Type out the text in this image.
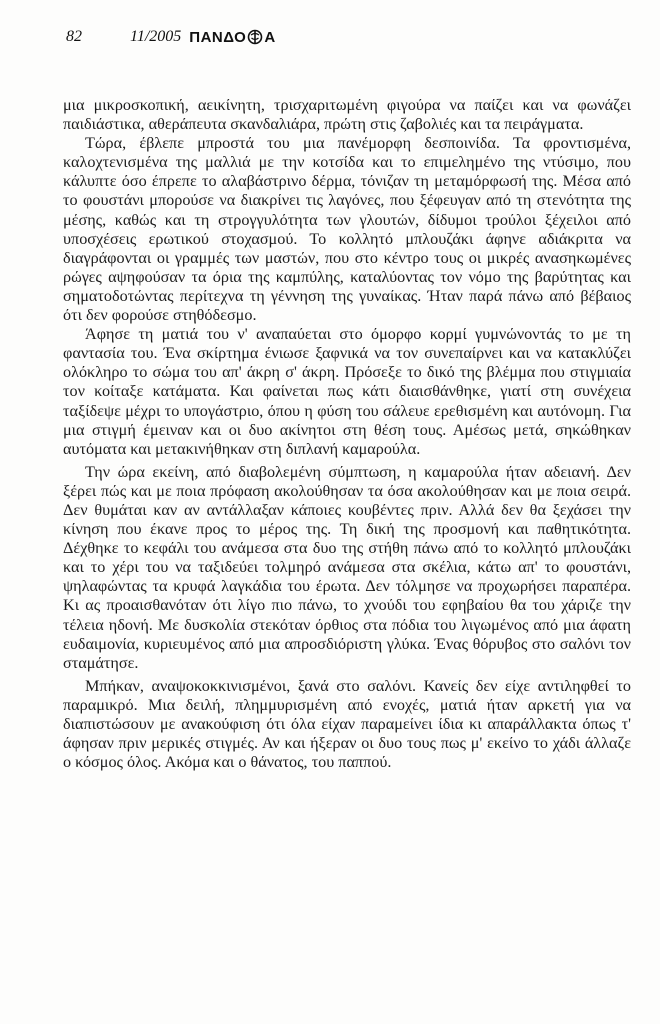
82	11/2005 ΠΑΝΔΟ Α

μια μικροσκοπική, αεικίνητη, τρισχαριτωμένη φιγούρα να παίζει και να φωνάζει παιδιάστικα, αθεράπευτα σκανδαλιάρα, πρώτη στις ζαβολιές και τα πειράγματα.

Τώρα, έβλεπε μπροστά του μια πανέμορφη δεσποινίδα. Τα φροντισμένα, καλοχτενισμένα της μαλλιά με την κοτσίδα και το επιμελημένο της ντύσιμο, που κάλυπτε όσο έπρεπε το αλαβάστρινο δέρμα, τόνιζαν τη μεταμόρφωσή της. Μέσα από το φουστάνι μπορούσε να διακρίνει τις λαγόνες, που ξέφευγαν από τη στενότητα της μέσης, καθώς και τη στρογγυλότητα των γλουτών, δίδυμοι τρούλοι ξέχειλοι από υποσχέσεις ερωτικού στοχασμού. Το κολλητό μπλουζάκι άφηνε αδιάκριτα να διαγράφονται οι γραμμές των μαστών, που στο κέντρο τους οι μικρές ανασηκωμένες ρώγες αψηφούσαν τα όρια της καμπύλης, καταλύοντας τον νόμο της βαρύτητας και σηματοδοτώντας περίτεχνα τη γέννηση της γυναίκας. Ήταν παρά πάνω από βέβαιος ότι δεν φορούσε στηθόδεσμο.

Άφησε τη ματιά του ν' αναπαύεται στο όμορφο κορμί γυμνώνοντάς το με τη φαντασία του. Ένα σκίρτημα ένιωσε ξαφνικά να τον συνεπαίρνει και να κατακλύζει ολόκληρο το σώμα του απ' άκρη σ' άκρη. Πρόσεξε το δικό της βλέμμα που στιγμιαία τον κοίταξε κατάματα. Και φαίνεται πως κάτι διαισθάνθηκε, γιατί στη συνέχεια ταξίδεψε μέχρι το υπογάστριο, όπου η φύση του σάλευε ερεθισμένη και αυτόνομη. Για μια στιγμή έμειναν και οι δυο ακίνητοι στη θέση τους. Αμέσως μετά, σηκώθηκαν αυτόματα και μετακινήθηκαν στη διπλανή καμαρούλα.

Την ώρα εκείνη, από διαβολεμένη σύμπτωση, η καμαρούλα ήταν αδειανή. Δεν ξέρει πώς και με ποια πρόφαση ακολούθησαν τα όσα ακολούθησαν και με ποια σειρά. Δεν θυμάται καν αν αντάλλαξαν κάποιες κουβέντες πριν. Αλλά δεν θα ξεχάσει την κίνηση που έκανε προς το μέρος της. Τη δική της προσμονή και παθητικότητα. Δέχθηκε το κεφάλι του ανάμεσα στα δυο της στήθη πάνω από το κολλητό μπλουζάκι και το χέρι του να ταξιδεύει τολμηρό ανάμεσα στα σκέλια, κάτω απ' το φουστάνι, ψηλαφώντας τα κρυφά λαγκάδια του έρωτα. Δεν τόλμησε να προχωρήσει παραπέρα. Κι ας προαισθανόταν ότι λίγο πιο πάνω, το χνούδι του εφηβαίου θα του χάριζε την τέλεια ηδονή. Με δυσκολία στεκόταν όρθιος στα πόδια του λιγωμένος από μια άφατη ευδαιμονία, κυριευμένος από μια απροσδιόριστη γλύκα. Ένας θόρυβος στο σαλόνι τον σταμάτησε.

Μπήκαν, αναψοκοκκινισμένοι, ξανά στο σαλόνι. Κανείς δεν είχε αντιληφθεί το παραμικρό. Μια δειλή, πλημμυρισμένη από ενοχές, ματιά ήταν αρκετή για να διαπιστώσουν με ανακούφιση ότι όλα είχαν παραμείνει ίδια κι απαράλλακτα όπως τ' άφησαν πριν μερικές στιγμές. Αν και ήξεραν οι δυο τους πως μ' εκείνο το χάδι άλλαζε ο κόσμος όλος. Ακόμα και ο θάνατος, του παππού.
